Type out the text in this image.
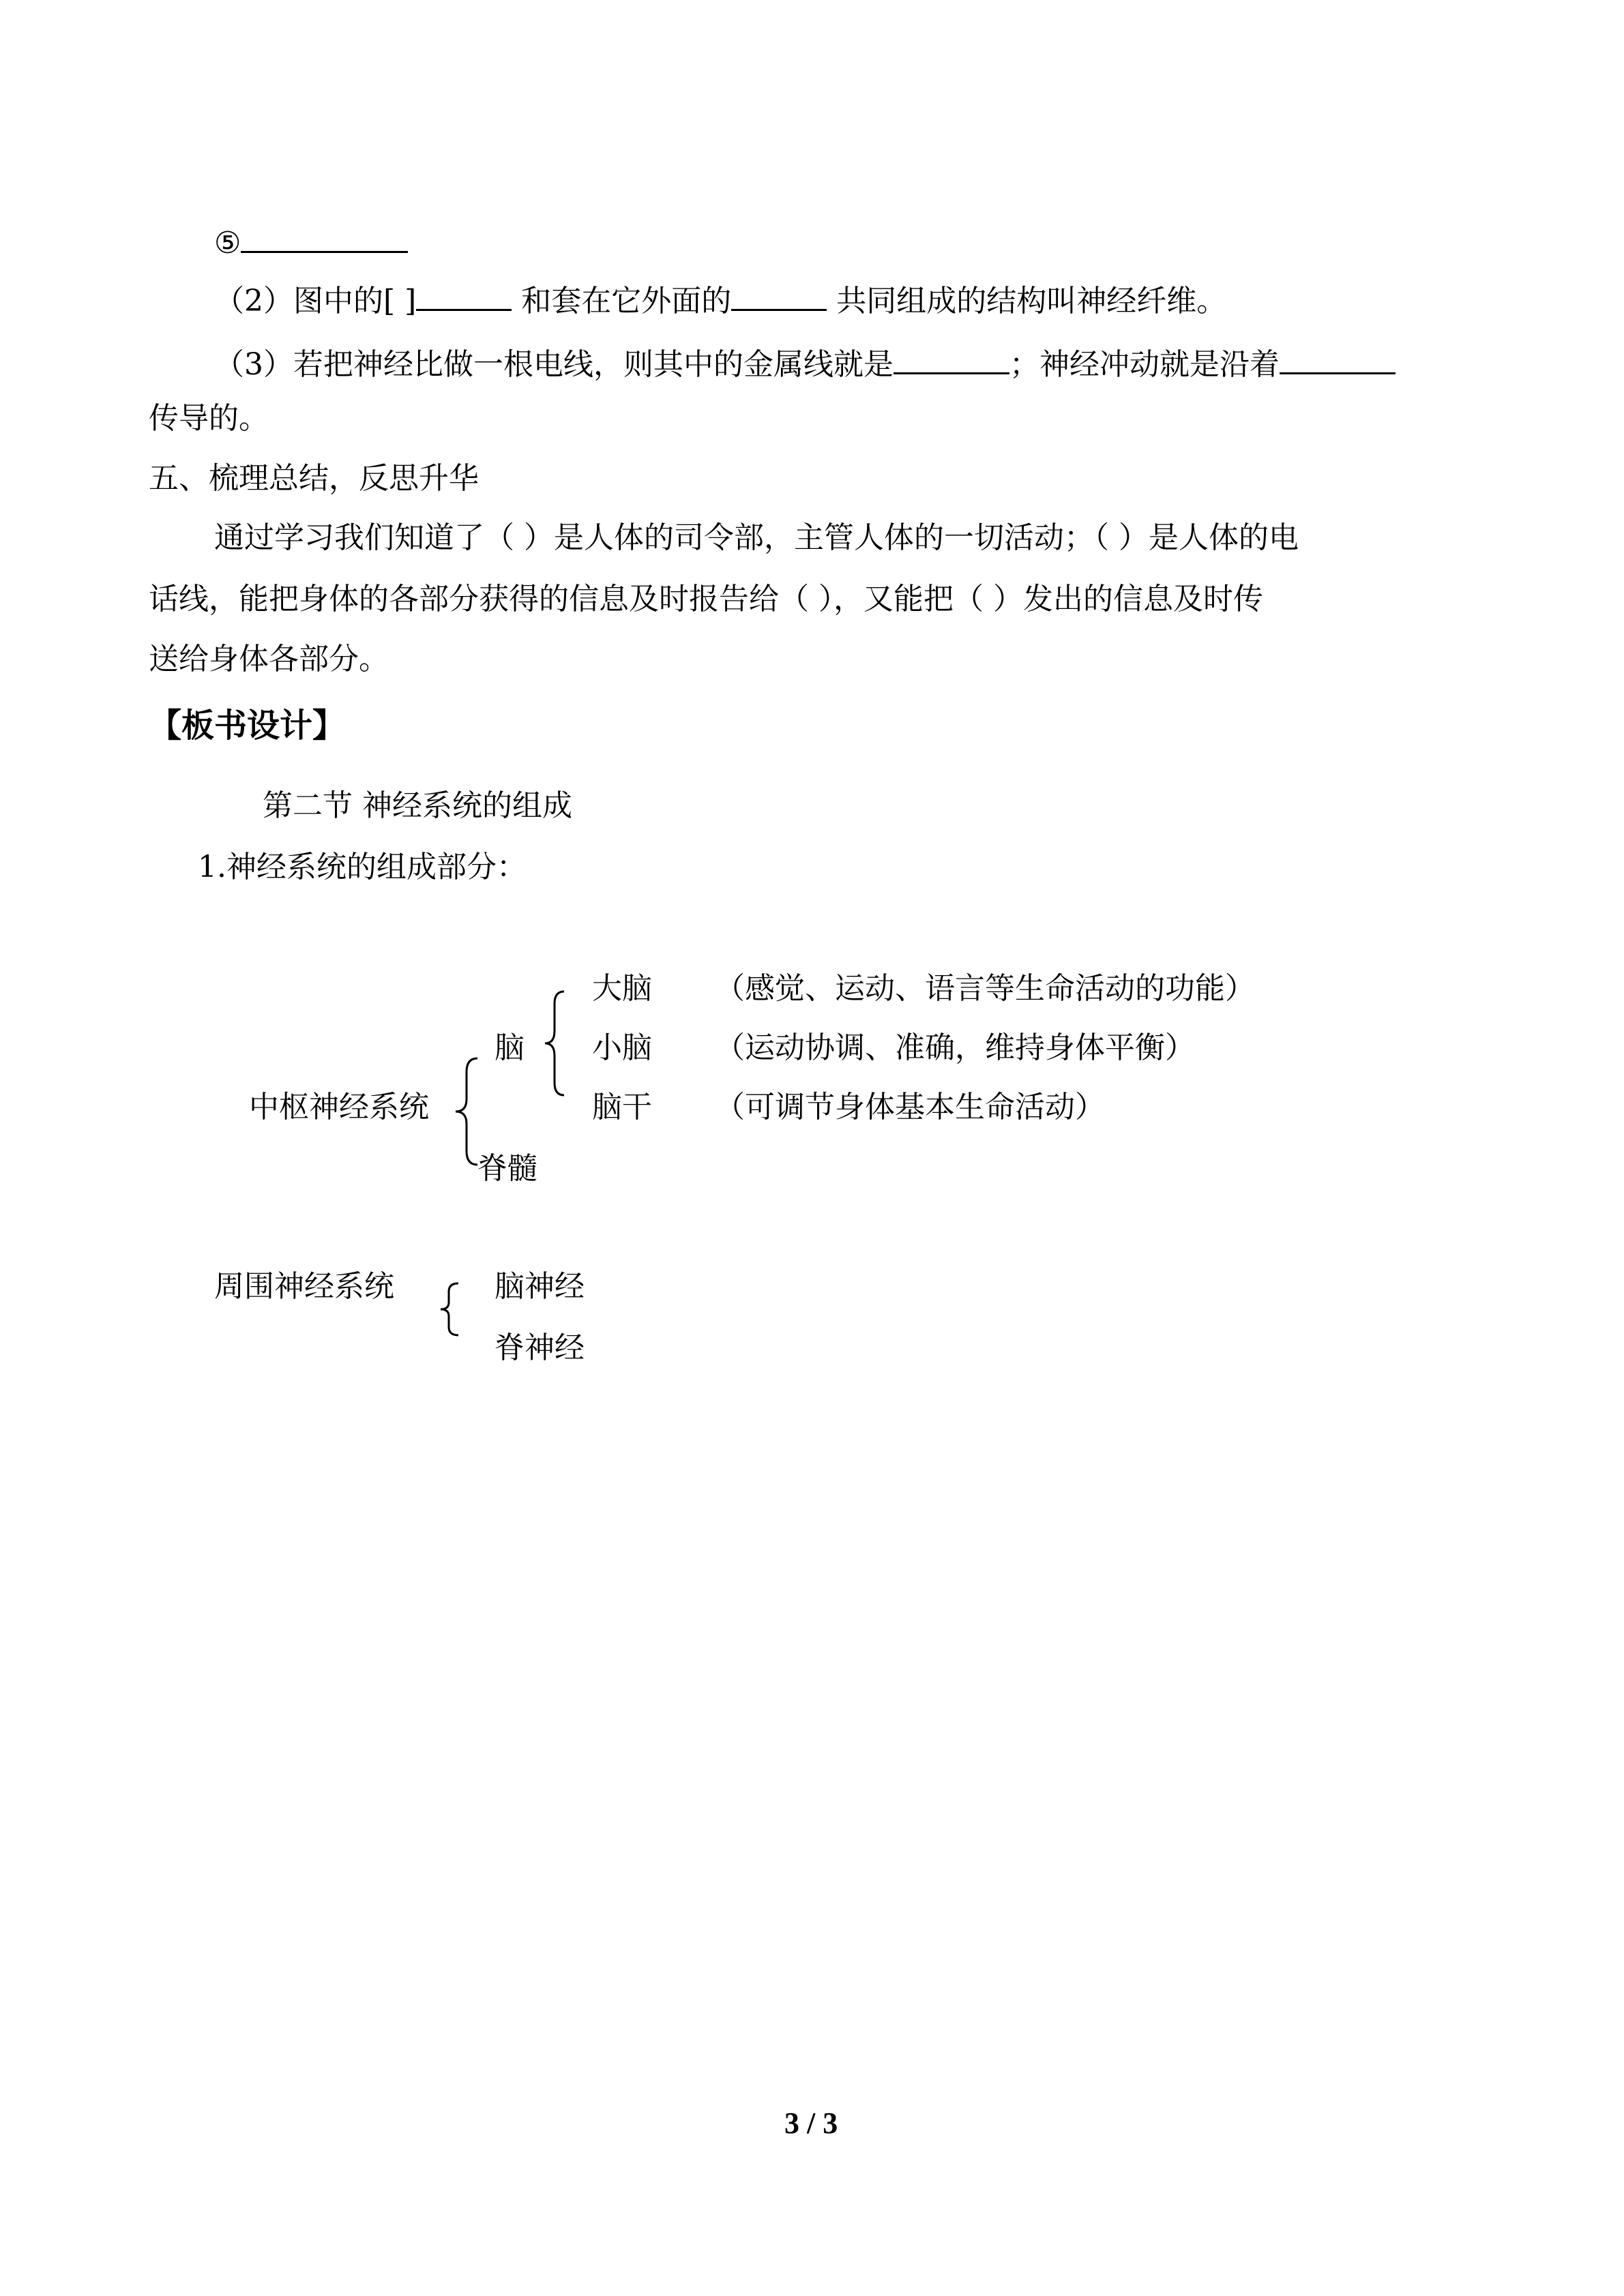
⑤
（2）图中的[ ]	和套在它外面的	共同组成的结构叫神经纤维。
（3）若把神经比做一根电线，则其中的金属线就是	；神经冲动就是沿着
传导的。
五、梳理总结，反思升华
通过学习我们知道了（ ）是人体的司令部，主管人体的一切活动；（ ）是人体的电
话线，能把身体的各部分获得的信息及时报告给（ ），又能把（ ）发出的信息及时传
送给身体各部分。
【板书设计】
第二节 神经系统的组成
1.神经系统的组成部分：
中枢神经系统
脑
大脑 （感觉、运动、语言等生命活动的功能）
小脑 （运动协调、准确，维持身体平衡）
脑干 （可调节身体基本生命活动）
脊髓
周围神经系统	脑神经
脊神经
3 / 3
